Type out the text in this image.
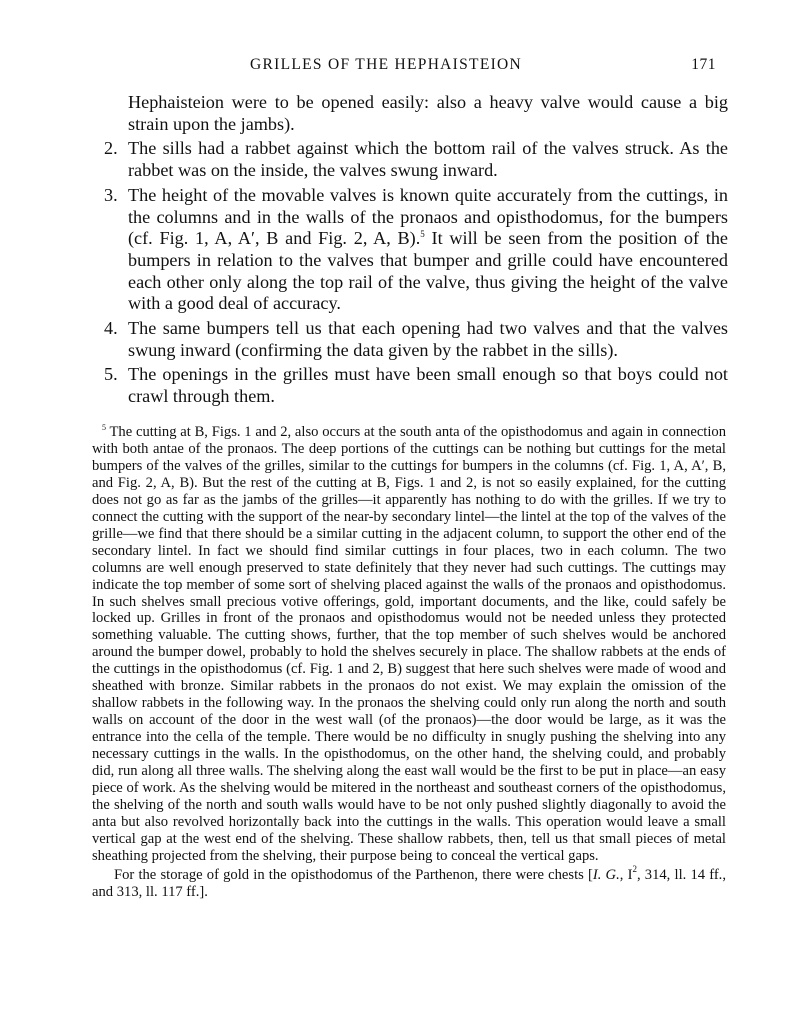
GRILLES OF THE HEPHAISTEION	171

Hephaisteion were to be opened easily: also a heavy valve would cause a big strain upon the jambs).

2. The sills had a rabbet against which the bottom rail of the valves struck. As the rabbet was on the inside, the valves swung inward.
3. The height of the movable valves is known quite accurately from the cuttings, in the columns and in the walls of the pronaos and opisthodomus, for the bumpers (cf. Fig. 1, A, A′, B and Fig. 2, A, B).$^5$ It will be seen from the position of the bumpers in relation to the valves that bumper and grille could have encountered each other only along the top rail of the valve, thus giving the height of the valve with a good deal of accuracy.
4. The same bumpers tell us that each opening had two valves and that the valves swung inward (confirming the data given by the rabbet in the sills).
5. The openings in the grilles must have been small enough so that boys could not crawl through them.

$^5$ The cutting at B, Figs. 1 and 2, also occurs at the south anta of the opisthodomus and again in connection with both antae of the pronaos. The deep portions of the cuttings can be nothing but cuttings for the metal bumpers of the valves of the grilles, similar to the cuttings for bumpers in the columns (cf. Fig. 1, A, A′, B, and Fig. 2, A, B). But the rest of the cutting at B, Figs. 1 and 2, is not so easily explained, for the cutting does not go as far as the jambs of the grilles—it apparently has nothing to do with the grilles. If we try to connect the cutting with the support of the near-by secondary lintel—the lintel at the top of the valves of the grille—we find that there should be a similar cutting in the adjacent column, to support the other end of the secondary lintel. In fact we should find similar cuttings in four places, two in each column. The two columns are well enough preserved to state definitely that they never had such cuttings. The cuttings may indicate the top member of some sort of shelving placed against the walls of the pronaos and opisthodomus. In such shelves small precious votive offerings, gold, important documents, and the like, could safely be locked up. Grilles in front of the pronaos and opisthodomus would not be needed unless they protected something valuable. The cutting shows, further, that the top member of such shelves would be anchored around the bumper dowel, probably to hold the shelves securely in place. The shallow rabbets at the ends of the cuttings in the opisthodomus (cf. Fig. 1 and 2, B) suggest that here such shelves were made of wood and sheathed with bronze. Similar rabbets in the pronaos do not exist. We may explain the omission of the shallow rabbets in the following way. In the pronaos the shelving could only run along the north and south walls on account of the door in the west wall (of the pronaos)—the door would be large, as it was the entrance into the cella of the temple. There would be no difficulty in snugly pushing the shelving into any necessary cuttings in the walls. In the opisthodomus, on the other hand, the shelving could, and probably did, run along all three walls. The shelving along the east wall would be the first to be put in place—an easy piece of work. As the shelving would be mitered in the northeast and southeast corners of the opisthodomus, the shelving of the north and south walls would have to be not only pushed slightly diagonally to avoid the anta but also revolved horizontally back into the cuttings in the walls. This operation would leave a small vertical gap at the west end of the shelving. These shallow rabbets, then, tell us that small pieces of metal sheathing projected from the shelving, their purpose being to conceal the vertical gaps.

For the storage of gold in the opisthodomus of the Parthenon, there were chests [I. G., $I^2$, 314, ll. 14 ff., and 313, ll. 117 ff.].
